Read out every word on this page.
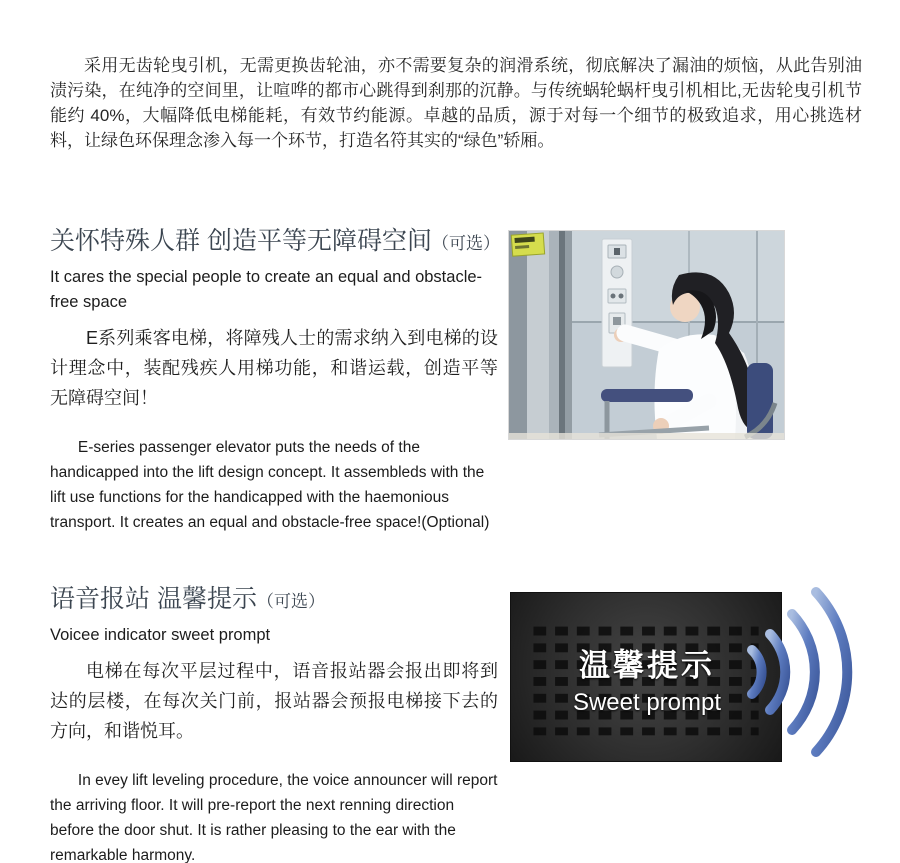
采用无齿轮曳引机，无需更换齿轮油，亦不需要复杂的润滑系统，彻底解决了漏油的烦恼，从此告别油渍污染，在纯净的空间里，让喧哗的都市心跳得到刹那的沉静。与传统蜗轮蜗杆曳引机相比,无齿轮曳引机节能约 40%，大幅降低电梯能耗，有效节约能源。卓越的品质，源于对每一个细节的极致追求，用心挑选材料，让绿色环保理念渗入每一个环节，打造名符其实的“绿色”轿厢。

关怀特殊人群 创造平等无障碍空间（可选）
It cares the special people to create an equal and obstacle-free space

E系列乘客电梯，将障残人士的需求纳入到电梯的设计理念中，装配残疾人用梯功能，和谐运载，创造平等无障碍空间！

E-series passenger elevator puts the needs of the handicapped into the lift design concept. It assembleds with the lift use functions for the handicapped with the haemonious transport. It creates an equal and obstacle-free space!(Optional)

语音报站 温馨提示（可选）
Voicee indicator sweet prompt

电梯在每次平层过程中，语音报站器会报出即将到达的层楼，在每次关门前，报站器会预报电梯接下去的方向，和谐悦耳。

In evey lift leveling procedure, the voice announcer will report the arriving floor. It will pre-report the next renning direction before the door shut. It is rather pleasing to the ear with the remarkable harmony.

温馨提示
Sweet prompt
